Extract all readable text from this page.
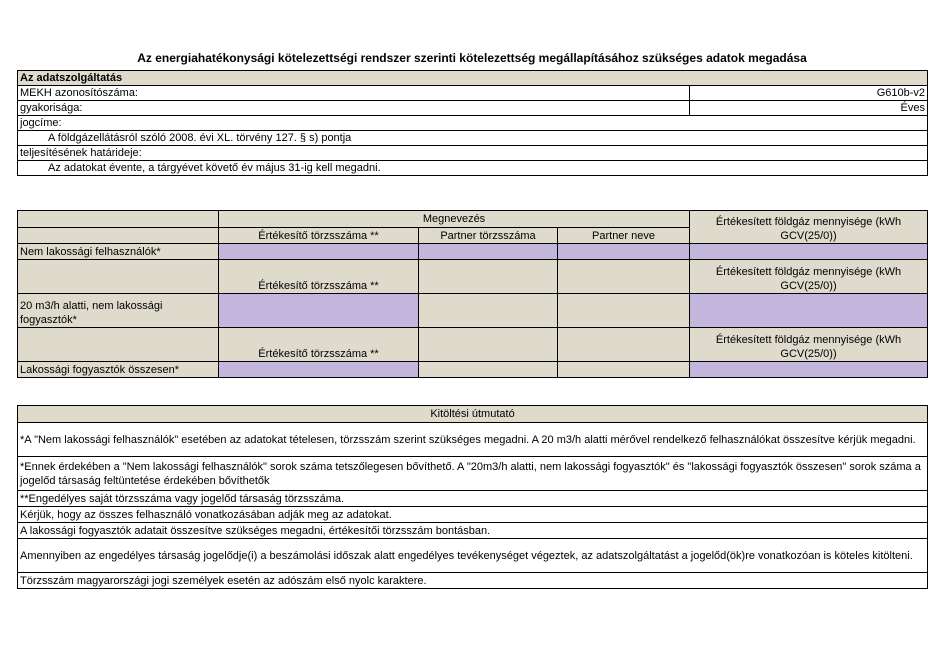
Az energiahatékonysági kötelezettségi rendszer szerinti kötelezettség megállapításához szükséges adatok megadása
Az adatszolgáltatás	
MEKH azonosítószáma:	G610b-v2
gyakorisága:	Éves
jogcíme:	
A földgázellátásról szóló 2008. évi XL. törvény 127. § s) pontja	
teljesítésének határideje:	
Az adatokat évente, a tárgyévet követő év május 31-ig kell megadni.	
	Megnevezés			Értékesített földgáz mennyisége (kWh GCV(25/0))
	Értékesítő törzsszáma **	Partner törzsszáma	Partner neve	
Nem lakossági felhasználók*				
	Értékesítő törzsszáma **			Értékesített földgáz mennyisége (kWh GCV(25/0))
20 m3/h alatti, nem lakossági fogyasztók*				
	Értékesítő törzsszáma **			Értékesített földgáz mennyisége (kWh GCV(25/0))
Lakossági fogyasztók összesen*				
Kitöltési útmutató
*A "Nem lakossági felhasználók" esetében az adatokat tételesen, törzsszám szerint szükséges megadni. A 20 m3/h alatti mérővel rendelkező felhasználókat összesítve kérjük megadni.
*Ennek érdekében a "Nem lakossági felhasználók" sorok száma tetszőlegesen bővíthető. A "20m3/h alatti, nem lakossági fogyasztók" és "lakossági fogyasztók összesen" sorok száma a jogelőd társaság feltüntetése érdekében bővíthetők
**Engedélyes saját törzsszáma vagy jogelőd társaság törzsszáma.
Kérjük, hogy az összes felhasználó vonatkozásában adják meg az adatokat.
A lakossági fogyasztók adatait összesítve szükséges megadni, értékesítői törzsszám bontásban.
Amennyiben az engedélyes társaság jogelődje(i) a beszámolási időszak alatt engedélyes tevékenységet végeztek, az adatszolgáltatást a jogelőd(ök)re vonatkozóan is köteles kitölteni.
Törzsszám magyarországi jogi személyek esetén az adószám első nyolc karaktere.
